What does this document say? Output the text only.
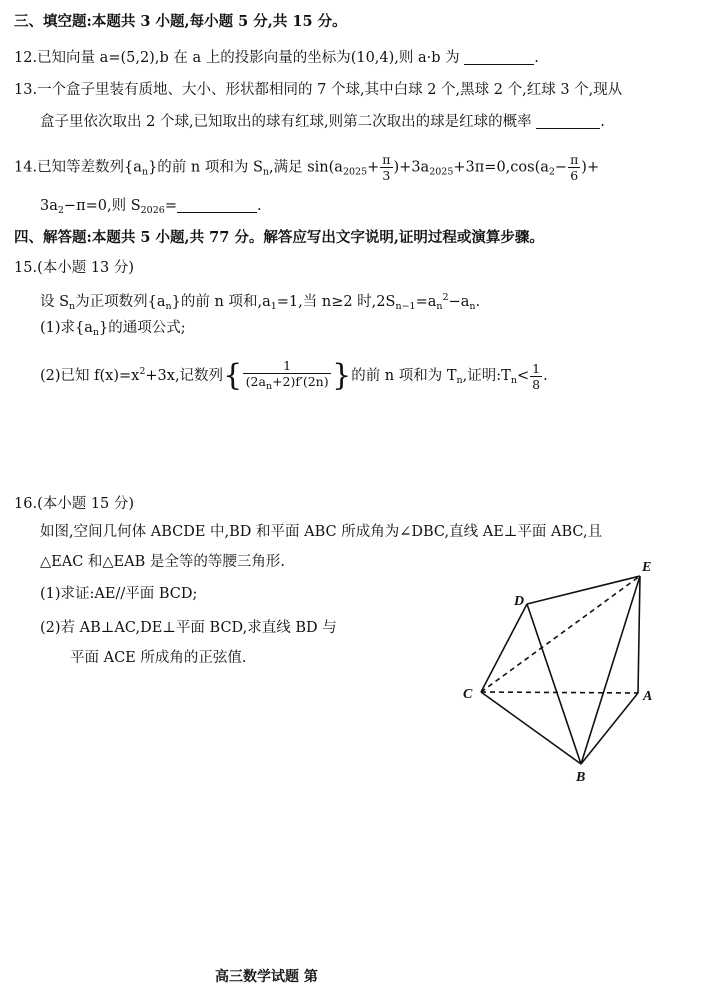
三、填空题:本题共 3 小题,每小题 5 分,共 15 分。
12.已知向量 a=(5,2),b 在 a 上的投影向量的坐标为(10,4),则 a·b 为	.
13.一个盒子里装有质地、大小、形状都相同的 7 个球,其中白球 2 个,黑球 2 个,红球 3 个,现从
盒子里依次取出 2 个球,已知取出的球有红球,则第二次取出的球是红球的概率	.
14.已知等差数列$\{a_n\}$的前 n 项和为 $S_n$,满足 $\sin(a_{2025}+ \frac{\pi}{3} )+3a_{2025}+3\pi=0,\cos(a_2- \frac{\pi}{6}$ )+
$3a_2-\pi=0$,则 $S_{2026}=$	.
四、解答题:本题共 5 小题,共 77 分。解答应写出文字说明,证明过程或演算步骤。
15.(本小题 13 分)
设 $S_n$为正项数列$\{a_n\}$的前 n 项和$,a_1=1$,当 n≥2 时$,2S_{n-1}=a_n^2-a_n$.
(1)求$\{a_n\}$的通项公式;
(2)已知 $f(x)=x^2+3x$,记数列{ $\frac{1}{(2a_n+2)f'(2n)}$ }的前 n 项和为 $T_n$,证明$:T_n< \frac{1}{8}$ .
16.(本小题 15 分)
如图,空间几何体 ABCDE 中,BD 和平面 ABC 所成角为∠DBC,直线 AE⊥平面 ABC,且
△EAC 和△EAB 是全等的等腰三角形.
(1)求证:AE//平面 BCD;
(2)若 AB⊥AC,DE⊥平面 BCD,求直线 BD 与
平面 ACE 所成角的正弦值.
E
D
C	A
B
高三数学试题 第
